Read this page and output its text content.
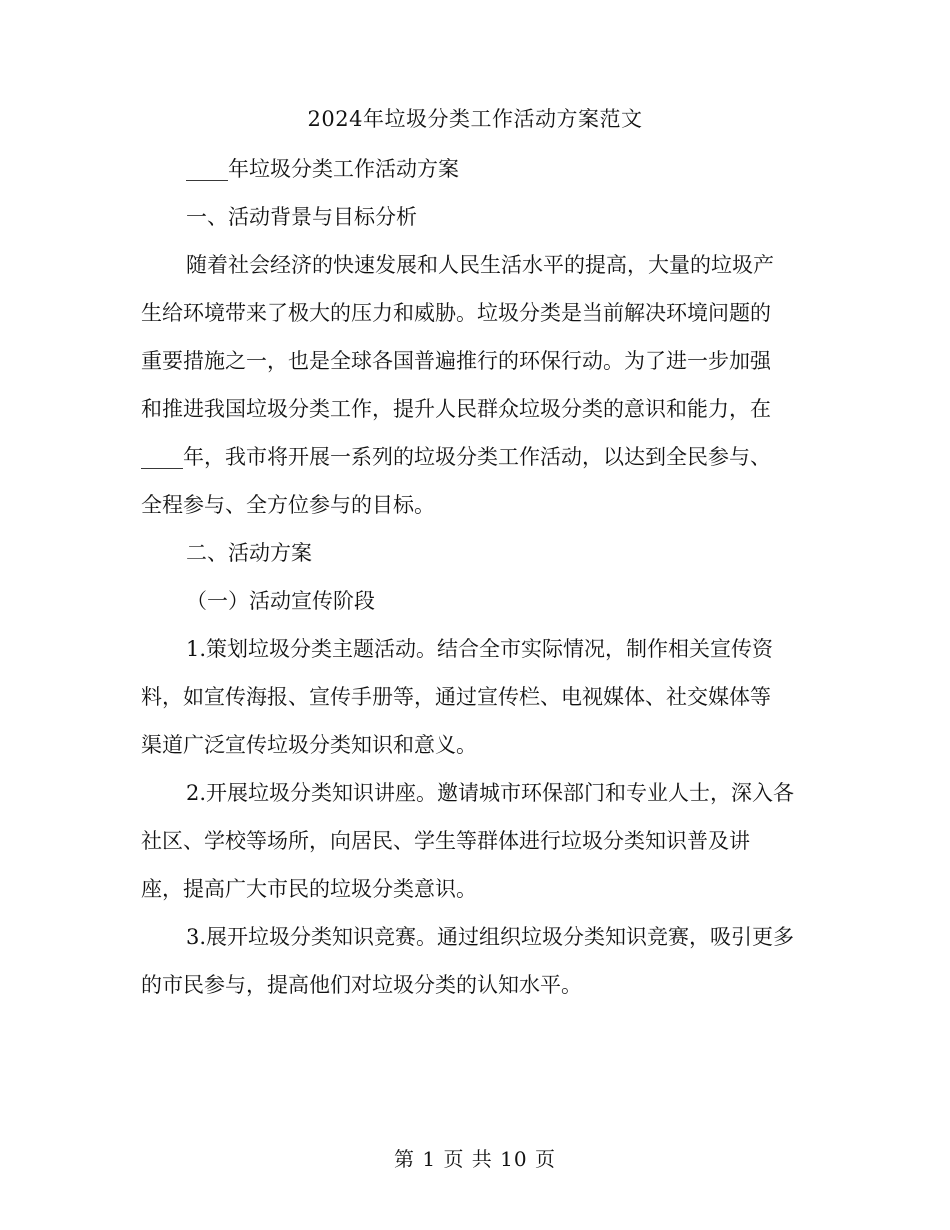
2024年垃圾分类工作活动方案范文
____年垃圾分类工作活动方案
一、活动背景与目标分析
随着社会经济的快速发展和人民生活水平的提高，大量的垃圾产
生给环境带来了极大的压力和威胁。垃圾分类是当前解决环境问题的
重要措施之一，也是全球各国普遍推行的环保行动。为了进一步加强
和推进我国垃圾分类工作，提升人民群众垃圾分类的意识和能力，在
____年，我市将开展一系列的垃圾分类工作活动，以达到全民参与、
全程参与、全方位参与的目标。
二、活动方案
（一）活动宣传阶段
1.策划垃圾分类主题活动。结合全市实际情况，制作相关宣传资
料，如宣传海报、宣传手册等，通过宣传栏、电视媒体、社交媒体等
渠道广泛宣传垃圾分类知识和意义。
2.开展垃圾分类知识讲座。邀请城市环保部门和专业人士，深入各
社区、学校等场所，向居民、学生等群体进行垃圾分类知识普及讲
座，提高广大市民的垃圾分类意识。
3.展开垃圾分类知识竞赛。通过组织垃圾分类知识竞赛，吸引更多
的市民参与，提高他们对垃圾分类的认知水平。
第 1 页 共 10 页
